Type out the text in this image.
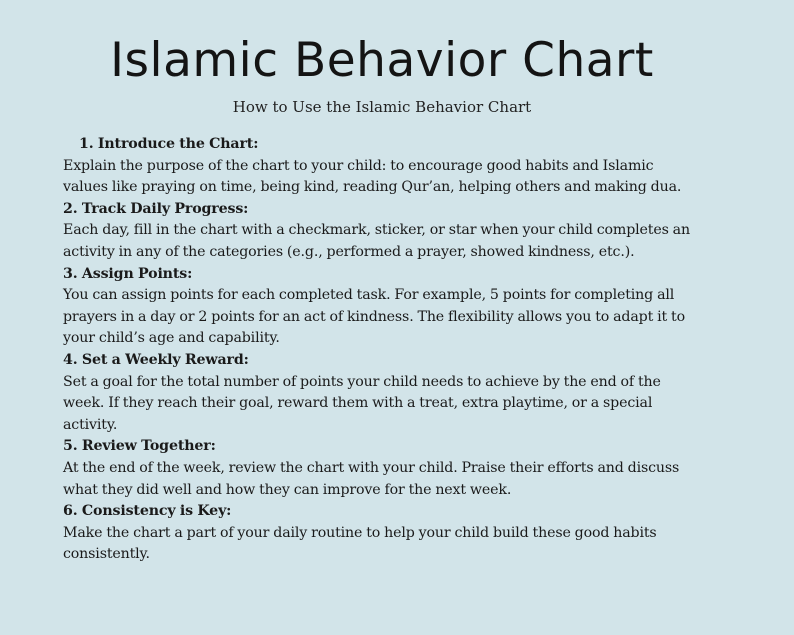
Islamic Behavior Chart

How to Use the Islamic Behavior Chart

1. Introduce the Chart:

Explain the purpose of the chart to your child: to encourage good habits and Islamic values like praying on time, being kind, reading Qur’an, helping others and making dua.

2. Track Daily Progress:

Each day, fill in the chart with a checkmark, sticker, or star when your child completes an activity in any of the categories (e.g., performed a prayer, showed kindness, etc.).

3. Assign Points:

You can assign points for each completed task. For example, 5 points for completing all prayers in a day or 2 points for an act of kindness. The flexibility allows you to adapt it to your child’s age and capability.

4. Set a Weekly Reward:

Set a goal for the total number of points your child needs to achieve by the end of the week. If they reach their goal, reward them with a treat, extra playtime, or a special activity.

5. Review Together:

At the end of the week, review the chart with your child. Praise their efforts and discuss what they did well and how they can improve for the next week.

6. Consistency is Key:

Make the chart a part of your daily routine to help your child build these good habits consistently.
